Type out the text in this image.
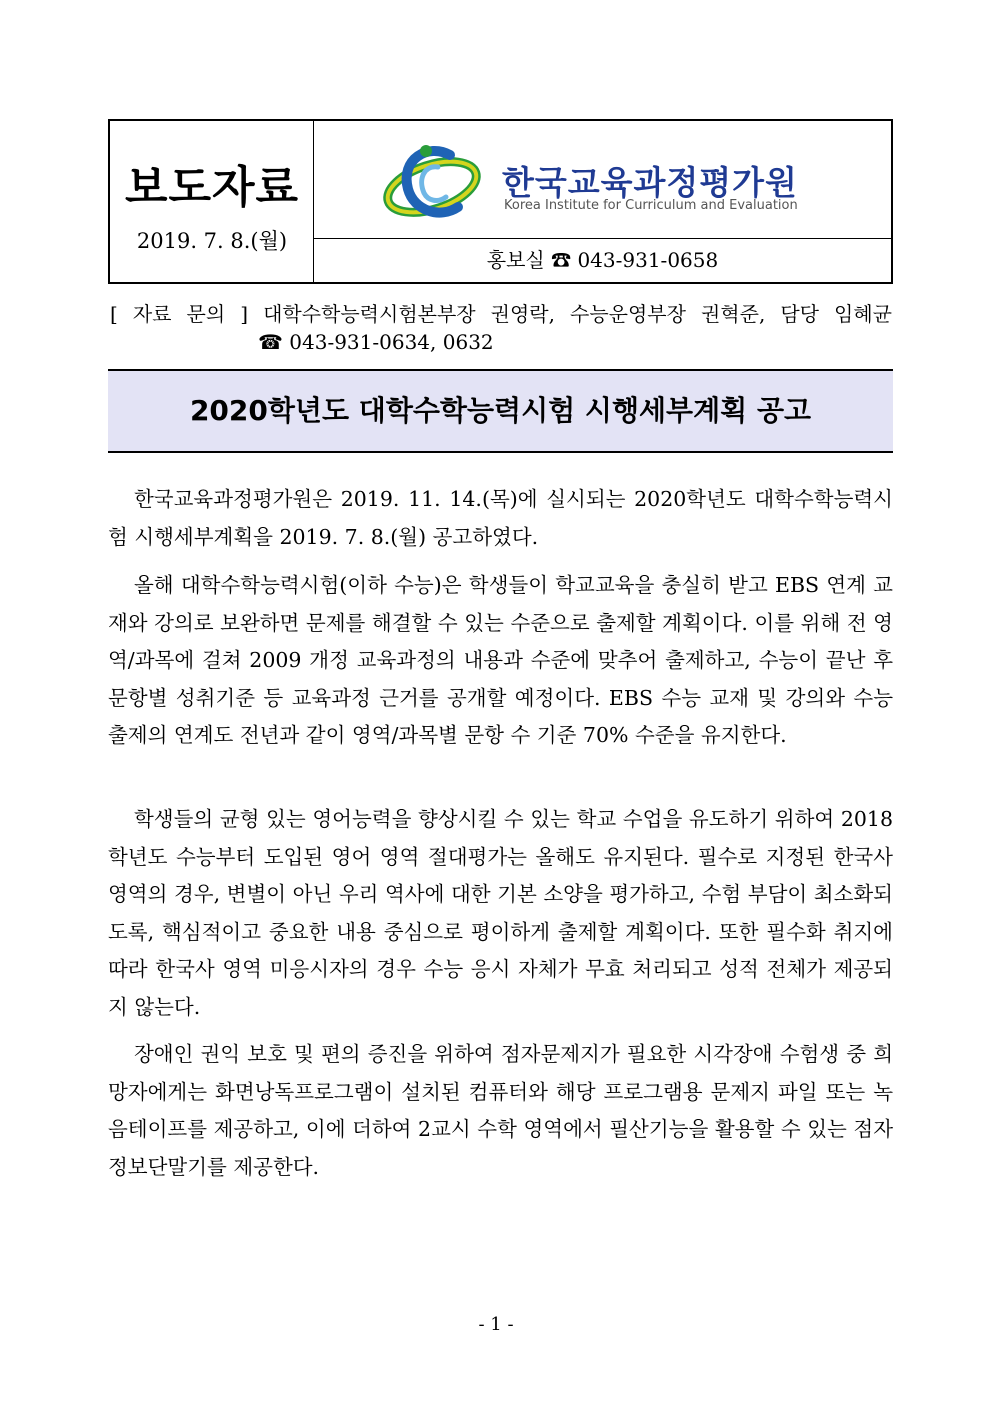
보도자료
2019. 7. 8.(월)
한국교육과정평가원
Korea Institute for Curriculum and Evaluation
홍보실 ☎ 043-931-0658
[ 자료 문의 ] 대학수학능력시험본부장 권영락, 수능운영부장 권혁준, 담당 임혜균
☎ 043-931-0634, 0632
2020학년도 대학수학능력시험 시행세부계획 공고
한국교육과정평가원은 2019. 11. 14.(목)에 실시되는 2020학년도 대학수학능력시험 시행세부계획을 2019. 7. 8.(월) 공고하였다.
올해 대학수학능력시험(이하 수능)은 학생들이 학교교육을 충실히 받고 EBS 연계 교재와 강의로 보완하면 문제를 해결할 수 있는 수준으로 출제할 계획이다. 이를 위해 전 영역/과목에 걸쳐 2009 개정 교육과정의 내용과 수준에 맞추어 출제하고, 수능이 끝난 후 문항별 성취기준 등 교육과정 근거를 공개할 예정이다. EBS 수능 교재 및 강의와 수능 출제의 연계도 전년과 같이 영역/과목별 문항 수 기준 70% 수준을 유지한다.
학생들의 균형 있는 영어능력을 향상시킬 수 있는 학교 수업을 유도하기 위하여 2018학년도 수능부터 도입된 영어 영역 절대평가는 올해도 유지된다. 필수로 지정된 한국사 영역의 경우, 변별이 아닌 우리 역사에 대한 기본 소양을 평가하고, 수험 부담이 최소화되도록, 핵심적이고 중요한 내용 중심으로 평이하게 출제할 계획이다. 또한 필수화 취지에 따라 한국사 영역 미응시자의 경우 수능 응시 자체가 무효 처리되고 성적 전체가 제공되지 않는다.
장애인 권익 보호 및 편의 증진을 위하여 점자문제지가 필요한 시각장애 수험생 중 희망자에게는 화면낭독프로그램이 설치된 컴퓨터와 해당 프로그램용 문제지 파일 또는 녹음테이프를 제공하고, 이에 더하여 2교시 수학 영역에서 필산기능을 활용할 수 있는 점자정보단말기를 제공한다.
- 1 -
